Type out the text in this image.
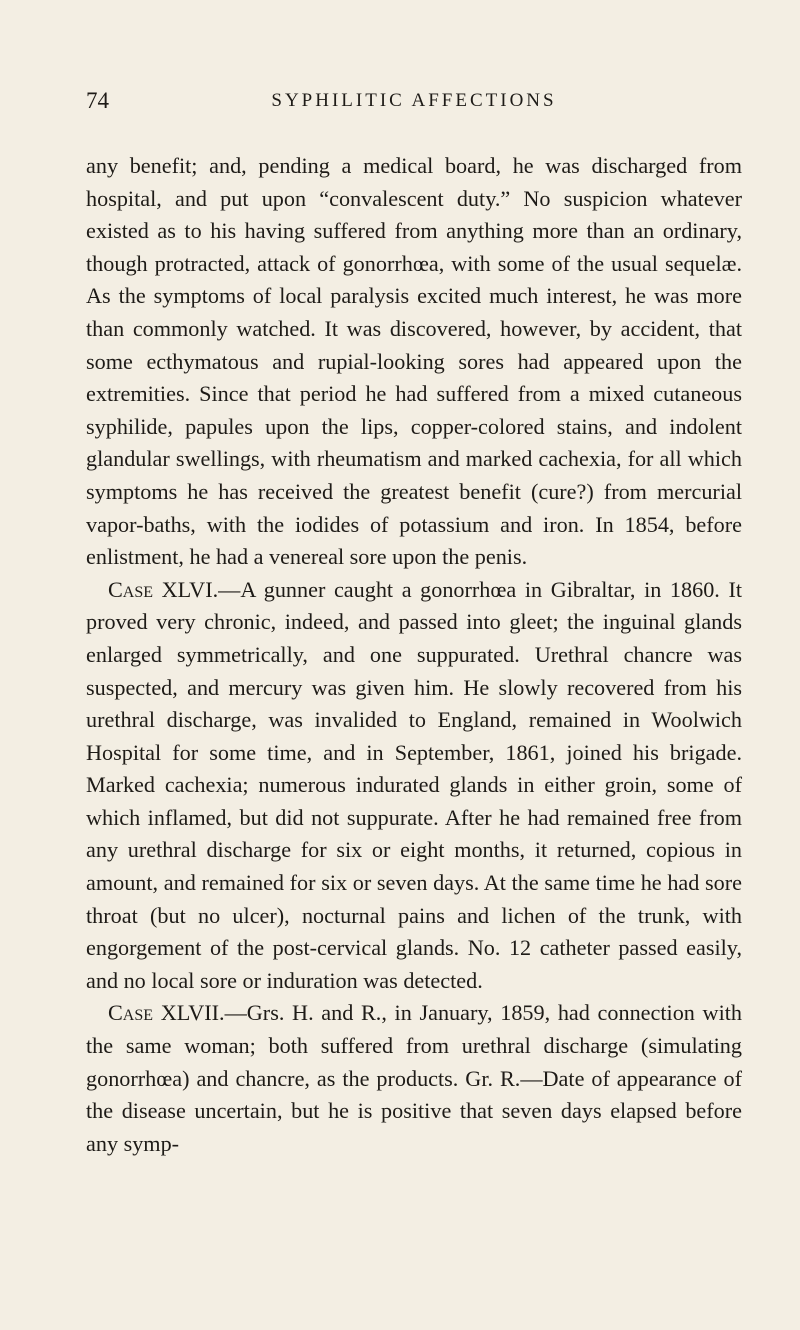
74	SYPHILITIC AFFECTIONS

any benefit; and, pending a medical board, he was discharged from hospital, and put upon “convalescent duty.” No suspicion whatever existed as to his having suffered from anything more than an ordinary, though protracted, attack of gonorrhœa, with some of the usual sequelæ. As the symptoms of local paralysis excited much interest, he was more than commonly watched. It was discovered, however, by accident, that some ecthymatous and rupial-looking sores had appeared upon the extremities. Since that period he had suffered from a mixed cutaneous syphilide, papules upon the lips, copper-colored stains, and indolent glandular swellings, with rheumatism and marked cachexia, for all which symptoms he has received the greatest benefit (cure?) from mercurial vapor-baths, with the iodides of potassium and iron. In 1854, before enlistment, he had a venereal sore upon the penis.

Case XLVI.—A gunner caught a gonorrhœa in Gibraltar, in 1860. It proved very chronic, indeed, and passed into gleet; the inguinal glands enlarged symmetrically, and one suppurated. Urethral chancre was suspected, and mercury was given him. He slowly recovered from his urethral discharge, was invalided to England, remained in Woolwich Hospital for some time, and in September, 1861, joined his brigade. Marked cachexia; numerous indurated glands in either groin, some of which inflamed, but did not suppurate. After he had remained free from any urethral discharge for six or eight months, it returned, copious in amount, and remained for six or seven days. At the same time he had sore throat (but no ulcer), nocturnal pains and lichen of the trunk, with engorgement of the post-cervical glands. No. 12 catheter passed easily, and no local sore or induration was detected.

Case XLVII.—Grs. H. and R., in January, 1859, had connection with the same woman; both suffered from urethral discharge (simulating gonorrhœa) and chancre, as the products. Gr. R.—Date of appearance of the disease uncertain, but he is positive that seven days elapsed before any symp-
